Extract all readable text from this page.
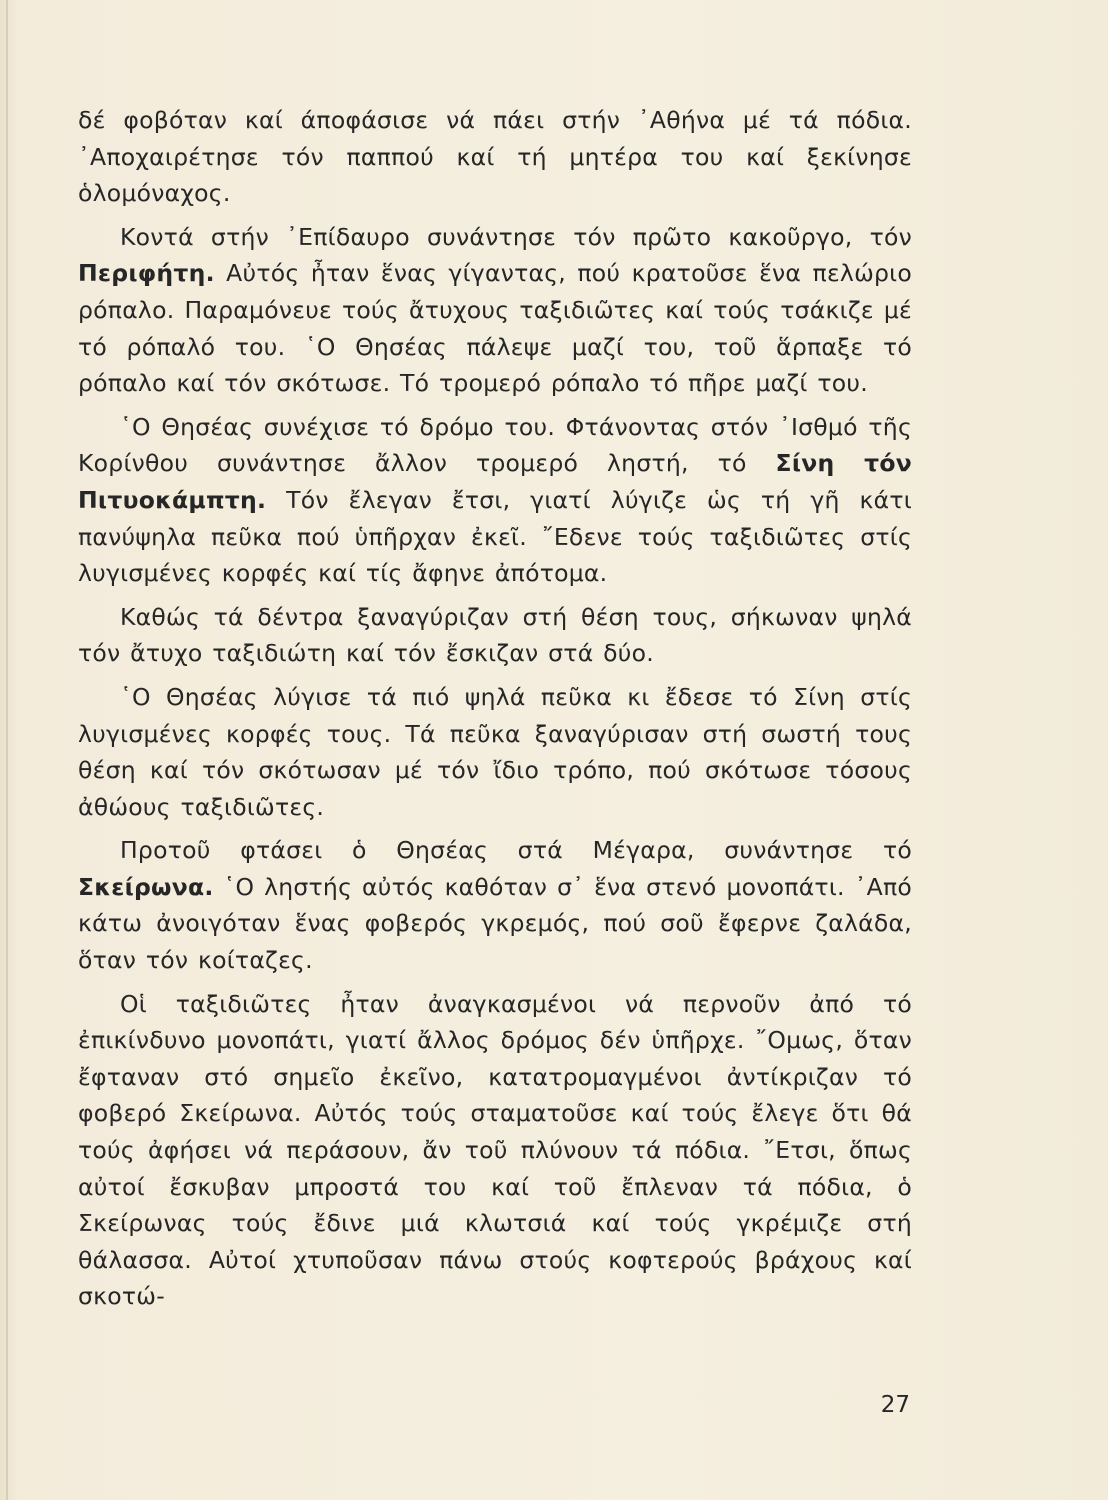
δέ φοβόταν καί άποφάσισε νά πάει στήν ᾽Αθήνα μέ τά πόδια. ᾽Αποχαιρέτησε τόν παππού καί τή μητέρα του καί ξεκίνησε ὁλομόναχος.

Κοντά στήν ᾽Επίδαυρο συνάντησε τόν πρῶτο κακοῦργο, τόν Περιφήτη. Αὐτός ἦταν ἕνας γίγαντας, πού κρατοῦσε ἕνα πελώριο ρόπαλο. Παραμόνευε τούς ἄτυχους ταξιδιῶτες καί τούς τσάκιζε μέ τό ρόπαλό του. ῾Ο Θησέας πάλεψε μαζί του, τοῦ ἅρπαξε τό ρόπαλο καί τόν σκότωσε. Τό τρομερό ρόπαλο τό πῆρε μαζί του.

῾Ο Θησέας συνέχισε τό δρόμο του. Φτάνοντας στόν ᾽Ισθμό τῆς Κορίνθου συνάντησε ἄλλον τρομερό ληστή, τό Σίνη τόν Πιτυοκάμπτη. Τόν ἔλεγαν ἔτσι, γιατί λύγιζε ὡς τή γῆ κάτι πανύψηλα πεῦκα πού ὑπῆρχαν ἐκεῖ. ῎Εδενε τούς ταξιδιῶτες στίς λυγισμένες κορφές καί τίς ἄφηνε ἀπότομα.

Καθώς τά δέντρα ξαναγύριζαν στή θέση τους, σήκωναν ψηλά τόν ἄτυχο ταξιδιώτη καί τόν ἔσκιζαν στά δύο.

῾Ο Θησέας λύγισε τά πιό ψηλά πεῦκα κι ἔδεσε τό Σίνη στίς λυγισμένες κορφές τους. Τά πεῦκα ξαναγύρισαν στή σωστή τους θέση καί τόν σκότωσαν μέ τόν ἴδιο τρόπο, πού σκότωσε τόσους ἀθώους ταξιδιῶτες.

Προτοῦ φτάσει ὁ Θησέας στά Μέγαρα, συνάντησε τό Σκείρωνα. ῾Ο ληστής αὐτός καθόταν σ᾽ ἕνα στενό μονοπάτι. ᾽Από κάτω ἀνοιγόταν ἕνας φοβερός γκρεμός, πού σοῦ ἔφερνε ζαλάδα, ὅταν τόν κοίταζες.

Οἱ ταξιδιῶτες ἦταν ἀναγκασμένοι νά περνοῦν ἀπό τό ἐπικίνδυνο μονοπάτι, γιατί ἄλλος δρόμος δέν ὑπῆρχε. ῎Ομως, ὅταν ἔφταναν στό σημεῖο ἐκεῖνο, κατατρομαγμένοι ἀντίκριζαν τό φοβερό Σκείρωνα. Αὐτός τούς σταματοῦσε καί τούς ἔλεγε ὅτι θά τούς ἀφήσει νά περάσουν, ἄν τοῦ πλύνουν τά πόδια. ῎Ετσι, ὅπως αὐτοί ἔσκυβαν μπροστά του καί τοῦ ἔπλεναν τά πόδια, ὁ Σκείρωνας τούς ἔδινε μιά κλωτσιά καί τούς γκρέμιζε στή θάλασσα. Αὐτοί χτυποῦσαν πάνω στούς κοφτερούς βράχους καί σκοτώ-

27
